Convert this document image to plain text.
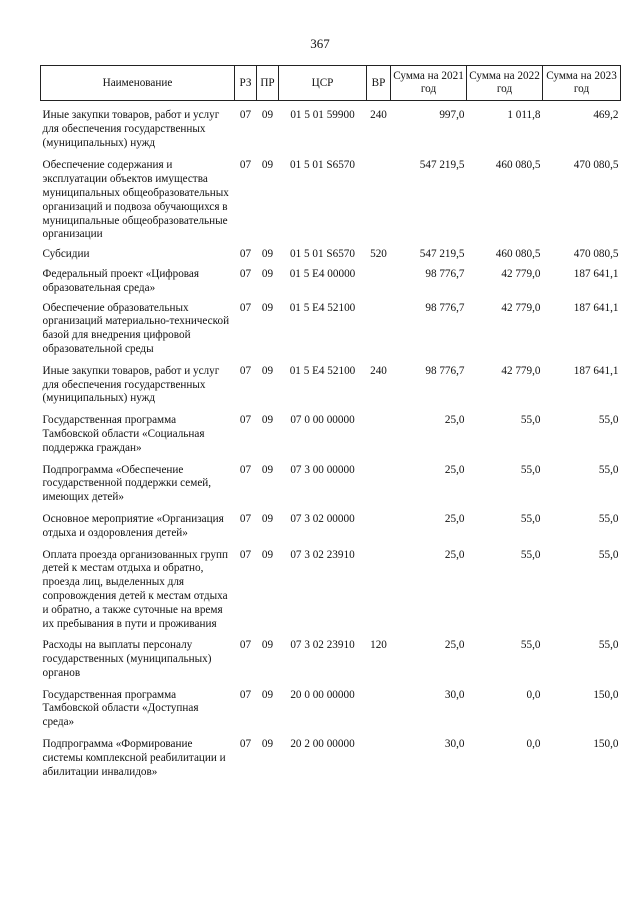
367
Наименование	РЗ	ПР	ЦСР	ВР	Сумма на 2021 год	Сумма на 2022 год	Сумма на 2023 год
Иные закупки товаров, работ и услуг для обеспечения государственных (муниципальных) нужд	07	09	01 5 01 59900	240	997,0	1 011,8	469,2
Обеспечение содержания и эксплуатации объектов имущества муниципальных общеобразовательных организаций и подвоза обучающихся в муниципальные общеобразовательные организации	07	09	01 5 01 S6570		547 219,5	460 080,5	470 080,5
Субсидии	07	09	01 5 01 S6570	520	547 219,5	460 080,5	470 080,5
Федеральный проект «Цифровая образовательная среда»	07	09	01 5 E4 00000		98 776,7	42 779,0	187 641,1
Обеспечение образовательных организаций материально-технической базой для внедрения цифровой образовательной среды	07	09	01 5 E4 52100		98 776,7	42 779,0	187 641,1
Иные закупки товаров, работ и услуг для обеспечения государственных (муниципальных) нужд	07	09	01 5 E4 52100	240	98 776,7	42 779,0	187 641,1
Государственная программа Тамбовской области «Социальная поддержка граждан»	07	09	07 0 00 00000		25,0	55,0	55,0
Подпрограмма «Обеспечение государственной поддержки семей, имеющих детей»	07	09	07 3 00 00000		25,0	55,0	55,0
Основное мероприятие «Организация отдыха и оздоровления детей»	07	09	07 3 02 00000		25,0	55,0	55,0
Оплата проезда организованных групп детей к местам отдыха и обратно, проезда лиц, выделенных для сопровождения детей к местам отдыха и обратно, а также суточные на время их пребывания в пути и проживания	07	09	07 3 02 23910		25,0	55,0	55,0
Расходы на выплаты персоналу государственных (муниципальных) органов	07	09	07 3 02 23910	120	25,0	55,0	55,0
Государственная программа Тамбовской области «Доступная среда»	07	09	20 0 00 00000		30,0	0,0	150,0
Подпрограмма «Формирование системы комплексной реабилитации и абилитации инвалидов»	07	09	20 2 00 00000		30,0	0,0	150,0
